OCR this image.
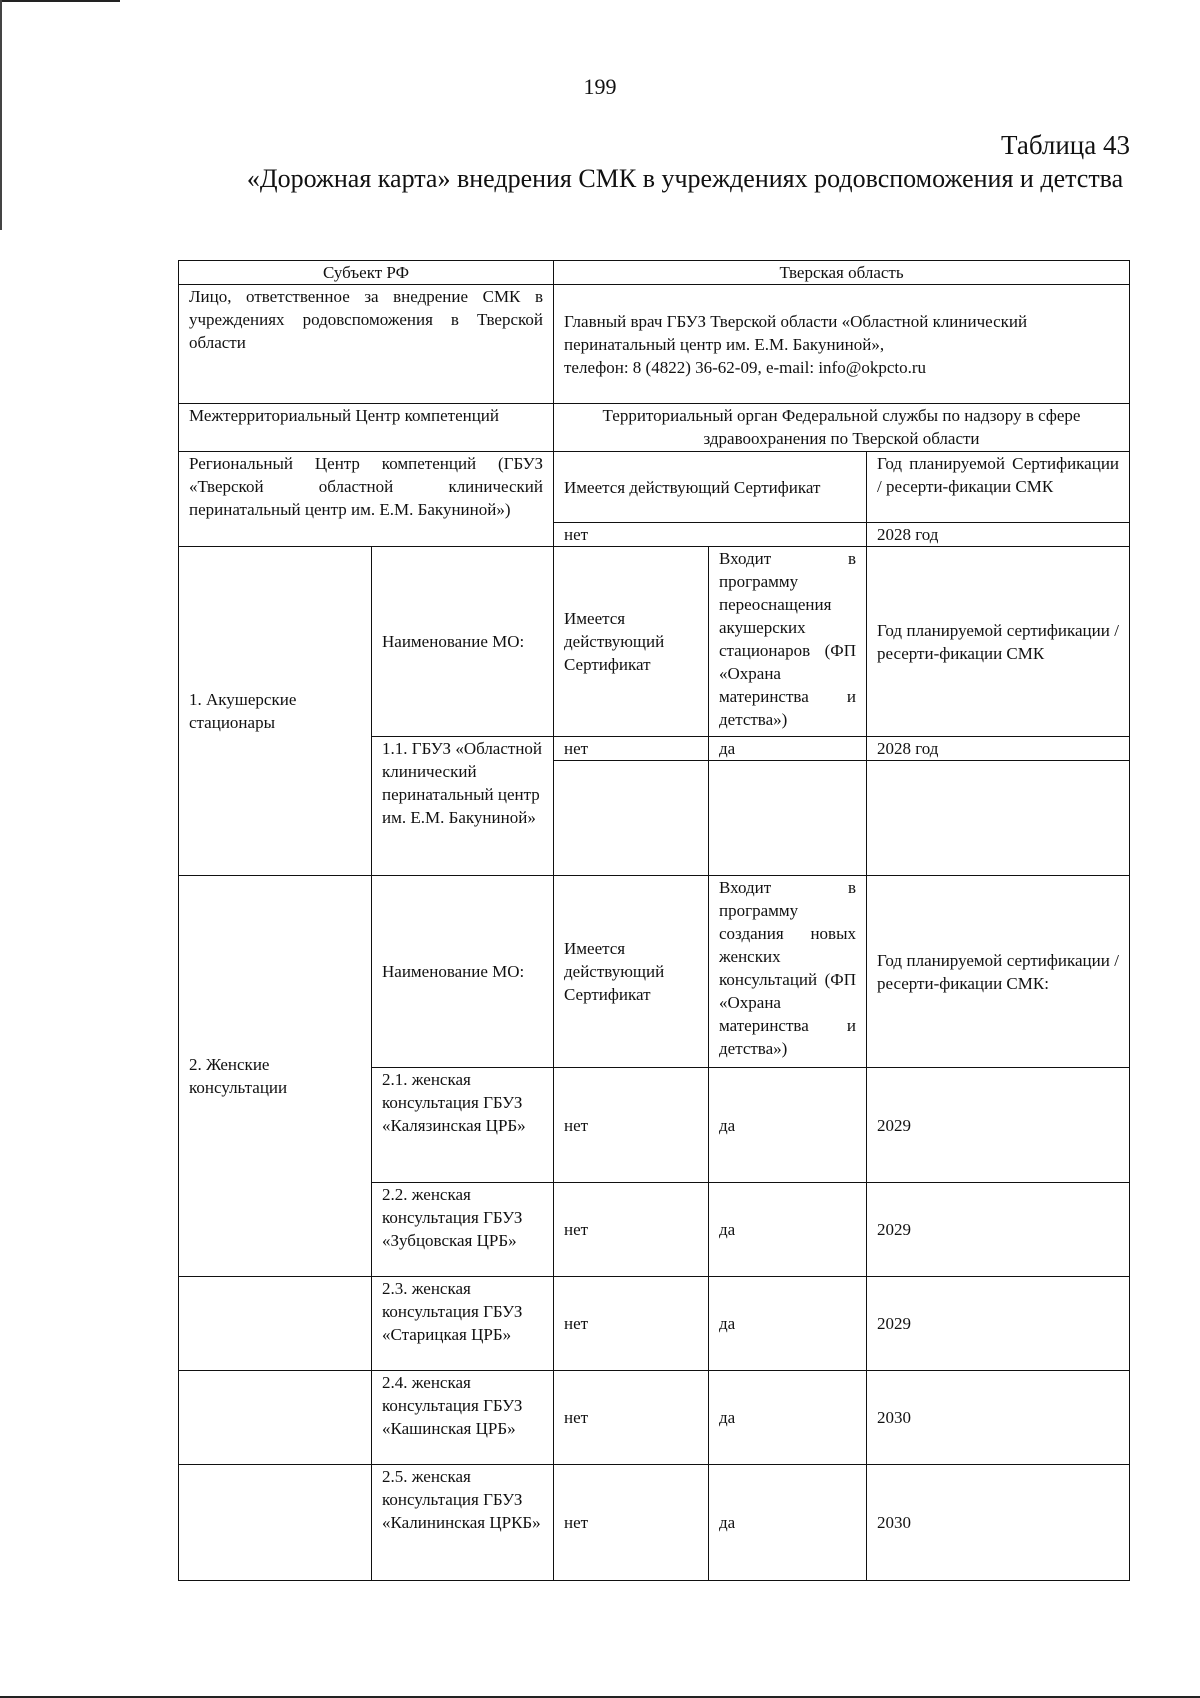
199
Таблица 43
«Дорожная карта» внедрения СМК в учреждениях родовспоможения и детства
Субъект РФ		Тверская область		
Лицо, ответственное за внедрение СМК в учреждениях родовспоможения в Тверской области		Главный врач ГБУЗ Тверской области «Областной клинический перинатальный центр им. Е.М. Бакуниной»,
телефон: 8 (4822) 36-62-09, e-mail: info@okpcto.ru		

Межтерриториальный Центр компетенций		Территориальный орган Федеральной службы по надзору в сфере здравоохранения по Тверской области		
Региональный Центр компетенций (ГБУЗ «Тверской областной клинический перинатальный центр им. Е.М. Бакуниной»)		Имеется действующий Сертификат		Год планируемой Сертификации / ресерти-фикации СМК
		нет		2028 год
1. Акушерские стационары	Наименование МО:	Имеется действующий Сертификат	Входит в программу переоснащения акушерских стационаров (ФП «Охрана материнства и детства»)	Год планируемой сертификации / ресерти-фикации СМК
	1.1. ГБУЗ «Областной клинический перинатальный центр им. Е.М. Бакуниной»	нет	да	2028 год

2. Женские консультации	Наименование МО:	Имеется действующий Сертификат	Входит в программу создания новых женских консультаций (ФП «Охрана материнства и детства»)	Год планируемой сертификации / ресерти-фикации СМК:
	2.1. женская консультация ГБУЗ «Калязинская ЦРБ»	нет	да	2029
	2.2. женская консультация ГБУЗ «Зубцовская ЦРБ»	нет	да	2029
	2.3. женская консультация ГБУЗ «Старицкая ЦРБ»	нет	да	2029
	2.4. женская консультация ГБУЗ «Кашинская ЦРБ»	нет	да	2030
	2.5. женская консультация ГБУЗ «Калининская ЦРКБ»	нет	да	2030
